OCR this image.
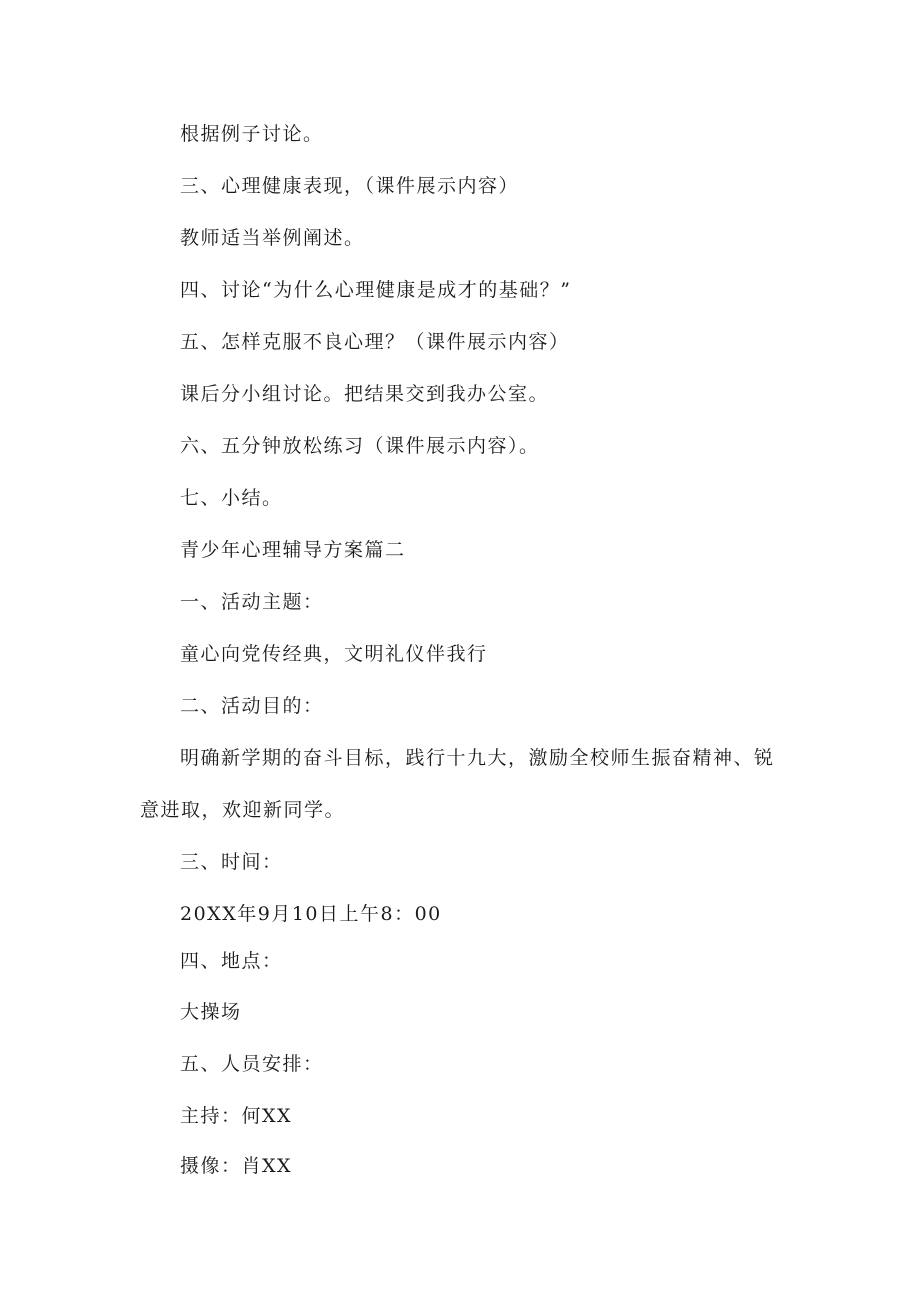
根据例子讨论。
三、心理健康表现，（课件展示内容）
教师适当举例阐述。
四、讨论“为什么心理健康是成才的基础？”
五、怎样克服不良心理？（课件展示内容）
课后分小组讨论。把结果交到我办公室。
六、五分钟放松练习（课件展示内容）。
七、小结。
青少年心理辅导方案篇二
一、活动主题：
童心向党传经典，文明礼仪伴我行
二、活动目的：
明确新学期的奋斗目标，践行十九大，激励全校师生振奋精神、锐
意进取，欢迎新同学。
三、时间：
20XX年9月10日上午8：00
四、地点：
大操场
五、人员安排：
主持：何XX
摄像：肖XX
